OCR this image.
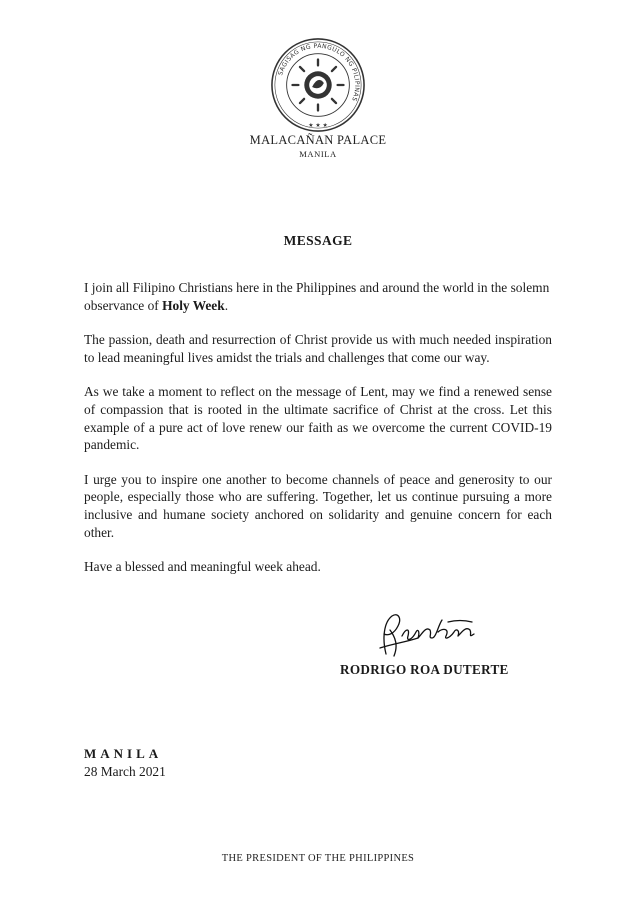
SAGISAG NG PANGULO NG PILIPINAS
★ ★ ★
MALACAÑAN PALACE
MANILA
MESSAGE

I join all Filipino Christians here in the Philippines and around the world in the solemn observance of Holy Week.

The passion, death and resurrection of Christ provide us with much needed inspiration to lead meaningful lives amidst the trials and challenges that come our way.

As we take a moment to reflect on the message of Lent, may we find a renewed sense of compassion that is rooted in the ultimate sacrifice of Christ at the cross. Let this example of a pure act of love renew our faith as we overcome the current COVID-19 pandemic.

I urge you to inspire one another to become channels of peace and generosity to our people, especially those who are suffering. Together, let us continue pursuing a more inclusive and humane society anchored on solidarity and genuine concern for each other.

Have a blessed and meaningful week ahead.

RODRIGO ROA DUTERTE
MANILA
28 March 2021
THE PRESIDENT OF THE PHILIPPINES
